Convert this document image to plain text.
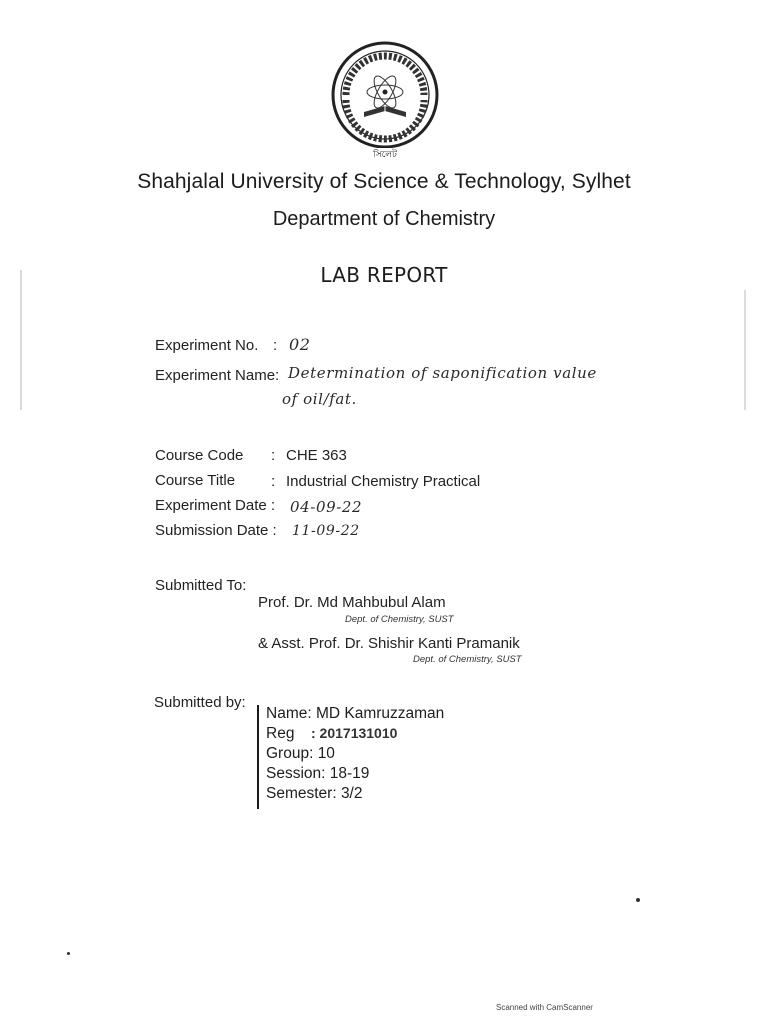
সিলেট
Shahjalal University of Science & Technology, Sylhet
Department of Chemistry
LAB REPORT
Experiment No. : 02
Experiment Name: Determination of saponification value
of oil/fat.
Course Code : CHE 363
Course Title : Industrial Chemistry Practical
Experiment Date : 04-09-22
Submission Date : 11-09-22
Submitted To:
Prof. Dr. Md Mahbubul Alam
Dept. of Chemistry, SUST
& Asst. Prof. Dr. Shishir Kanti Pramanik
Dept. of Chemistry, SUST
Submitted by:
Name: MD Kamruzzaman
Reg : 2017131010
Group: 10
Session: 18-19
Semester: 3/2
Scanned with CamScanner
